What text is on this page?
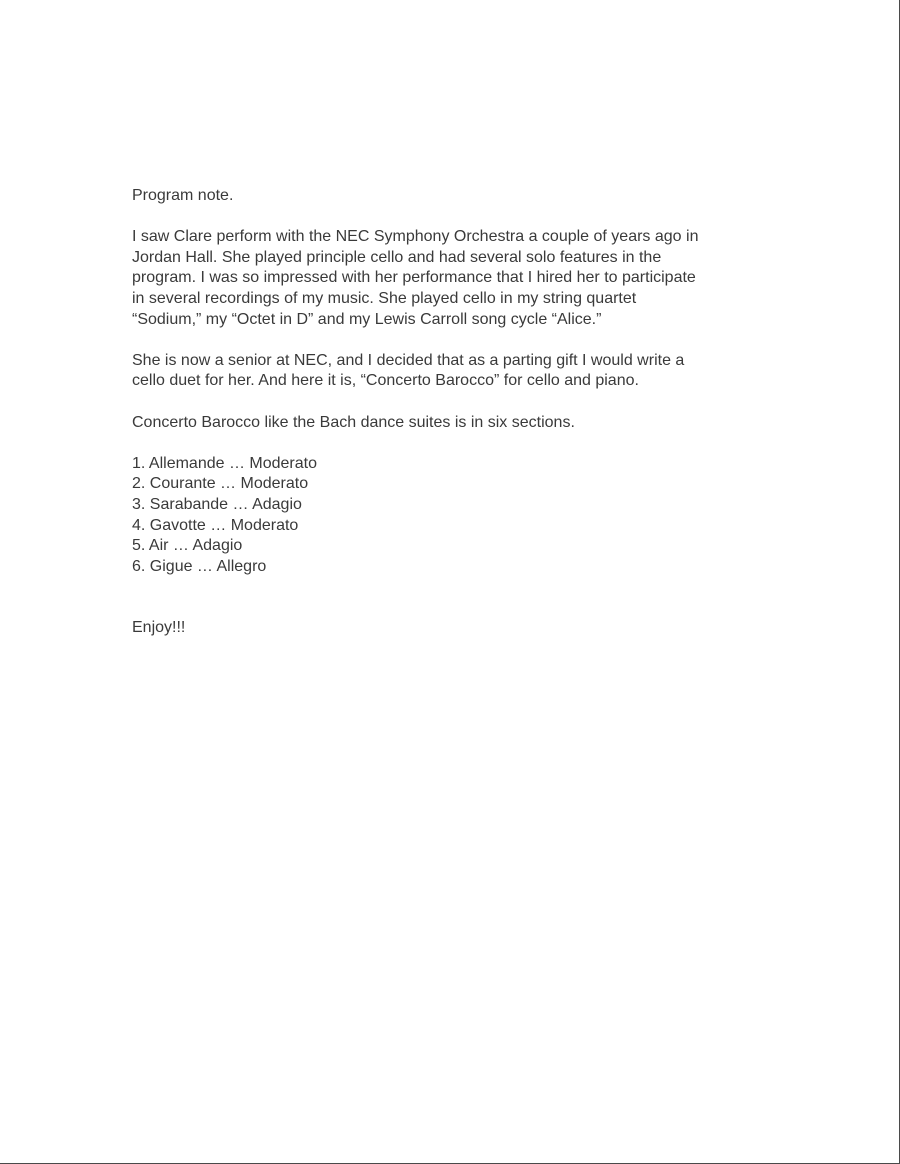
Program note.

I saw Clare perform with the NEC Symphony Orchestra a couple of years ago in
Jordan Hall. She played principle cello and had several solo features in the
program. I was so impressed with her performance that I hired her to participate
in several recordings of my music. She played cello in my string quartet
“Sodium,” my “Octet in D” and my Lewis Carroll song cycle “Alice.”

She is now a senior at NEC, and I decided that as a parting gift I would write a
cello duet for her. And here it is, “Concerto Barocco” for cello and piano.

Concerto Barocco like the Bach dance suites is in six sections.

1. Allemande … Moderato
2. Courante … Moderato
3. Sarabande … Adagio
4. Gavotte … Moderato
5. Air … Adagio
6. Gigue … Allegro

Enjoy!!!
